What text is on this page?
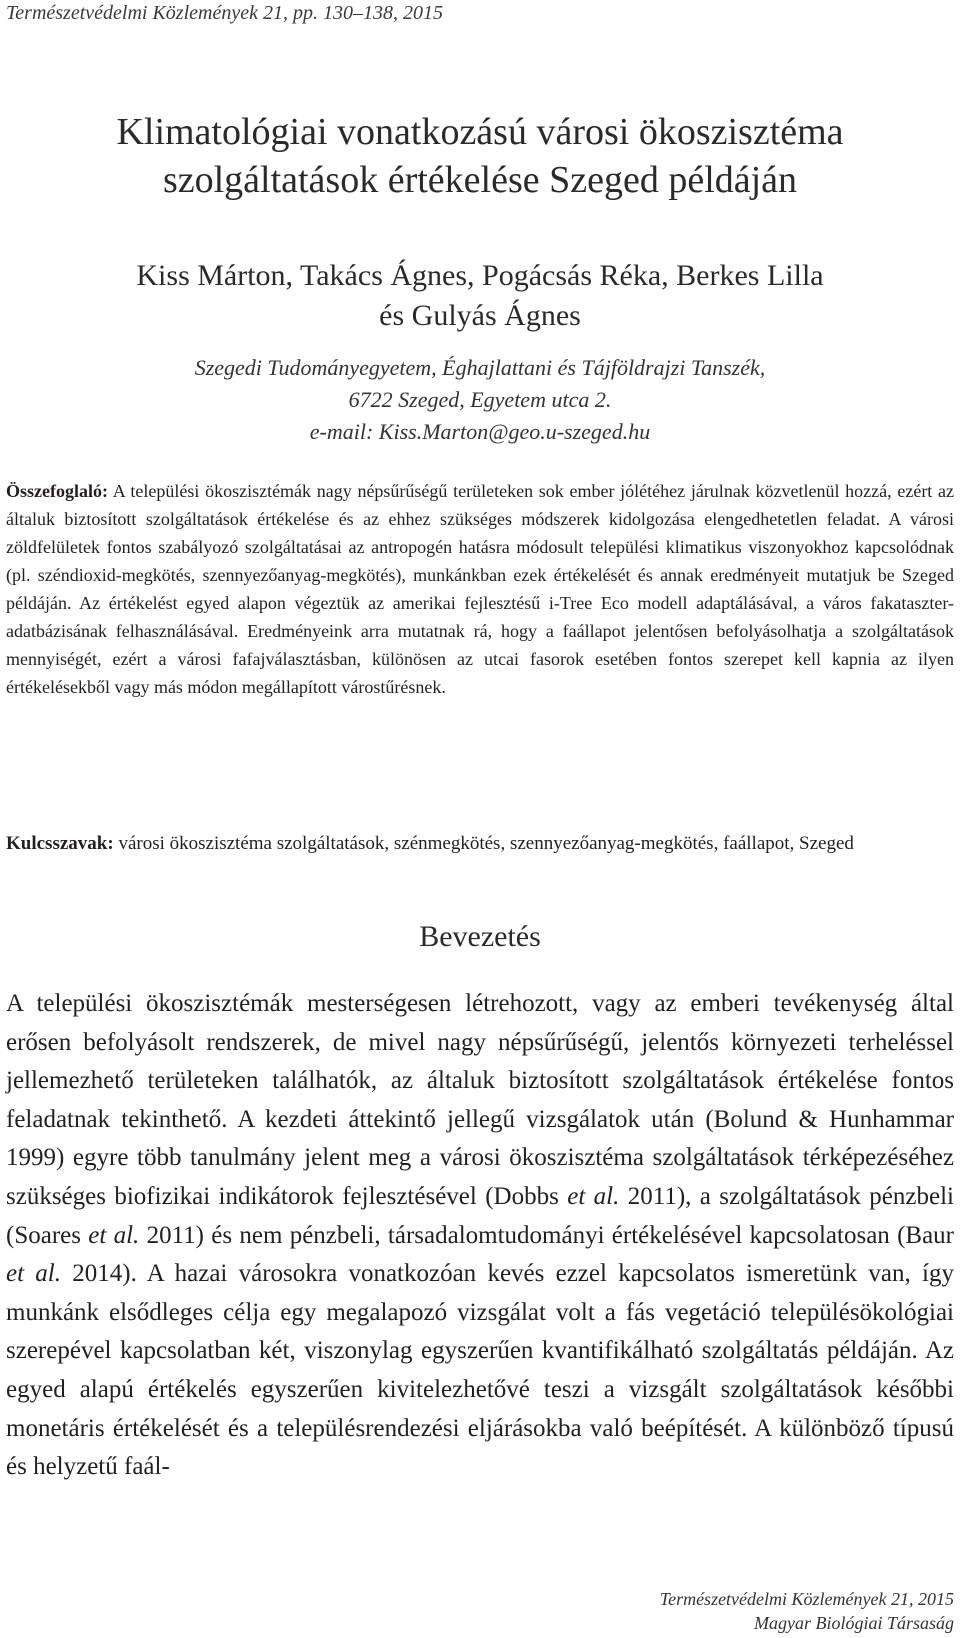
Természetvédelmi Közlemények 21, pp. 130–138, 2015
Klimatológiai vonatkozású városi ökoszisztéma
szolgáltatások értékelése Szeged példáján
Kiss Márton, Takács Ágnes, Pogácsás Réka, Berkes Lilla
és Gulyás Ágnes
Szegedi Tudományegyetem, Éghajlattani és Tájföldrajzi Tanszék,
6722 Szeged, Egyetem utca 2.
e-mail: Kiss.Marton@geo.u-szeged.hu

Összefoglaló: A települési ökoszisztémák nagy népsűrűségű területeken sok ember jólétéhez járulnak közvetlenül hozzá, ezért az általuk biztosított szolgáltatások értékelése és az ehhez szükséges módszerek kidolgozása elengedhetetlen feladat. A városi zöldfelületek fontos szabályozó szolgáltatásai az antropogén hatásra módosult települési klimatikus viszonyokhoz kapcsolódnak (pl. széndioxid-megkötés, szennyezőanyag-megkötés), munkánkban ezek értékelését és annak eredményeit mutatjuk be Szeged példáján. Az értékelést egyed alapon végeztük az amerikai fejlesztésű i-Tree Eco modell adaptálásával, a város fakataszter-adatbázisának felhasználásával. Eredményeink arra mutatnak rá, hogy a faállapot jelentősen befolyásolhatja a szolgáltatások mennyiségét, ezért a városi fafajválasztásban, különösen az utcai fasorok esetében fontos szerepet kell kapnia az ilyen értékelésekből vagy más módon megállapított várostűrésnek.

Kulcsszavak: városi ökoszisztéma szolgáltatások, szénmegkötés, szennyezőanyag-megkötés, faállapot, Szeged

Bevezetés

A települési ökoszisztémák mesterségesen létrehozott, vagy az emberi tevékenység által erősen befolyásolt rendszerek, de mivel nagy népsűrűségű, jelentős környezeti terheléssel jellemezhető területeken találhatók, az általuk biztosított szolgáltatások értékelése fontos feladatnak tekinthető. A kezdeti áttekintő jellegű vizsgálatok után (Bolund & Hunhammar 1999) egyre több tanulmány jelent meg a városi ökoszisztéma szolgáltatások térképezéséhez szükséges biofizikai indikátorok fejlesztésével (Dobbs et al. 2011), a szolgáltatások pénzbeli (Soares et al. 2011) és nem pénzbeli, társadalomtudományi értékelésével kapcsolatosan (Baur et al. 2014). A hazai városokra vonatkozóan kevés ezzel kapcsolatos ismeretünk van, így munkánk elsődleges célja egy megalapozó vizsgálat volt a fás vegetáció településökológiai szerepével kapcsolatban két, viszonylag egyszerűen kvantifikálható szolgáltatás példáján. Az egyed alapú értékelés egyszerűen kivitelezhetővé teszi a vizsgált szolgáltatások későbbi monetáris értékelését és a településrendezési eljárásokba való beépítését. A különböző típusú és helyzetű faál-

Természetvédelmi Közlemények 21, 2015
Magyar Biológiai Társaság
